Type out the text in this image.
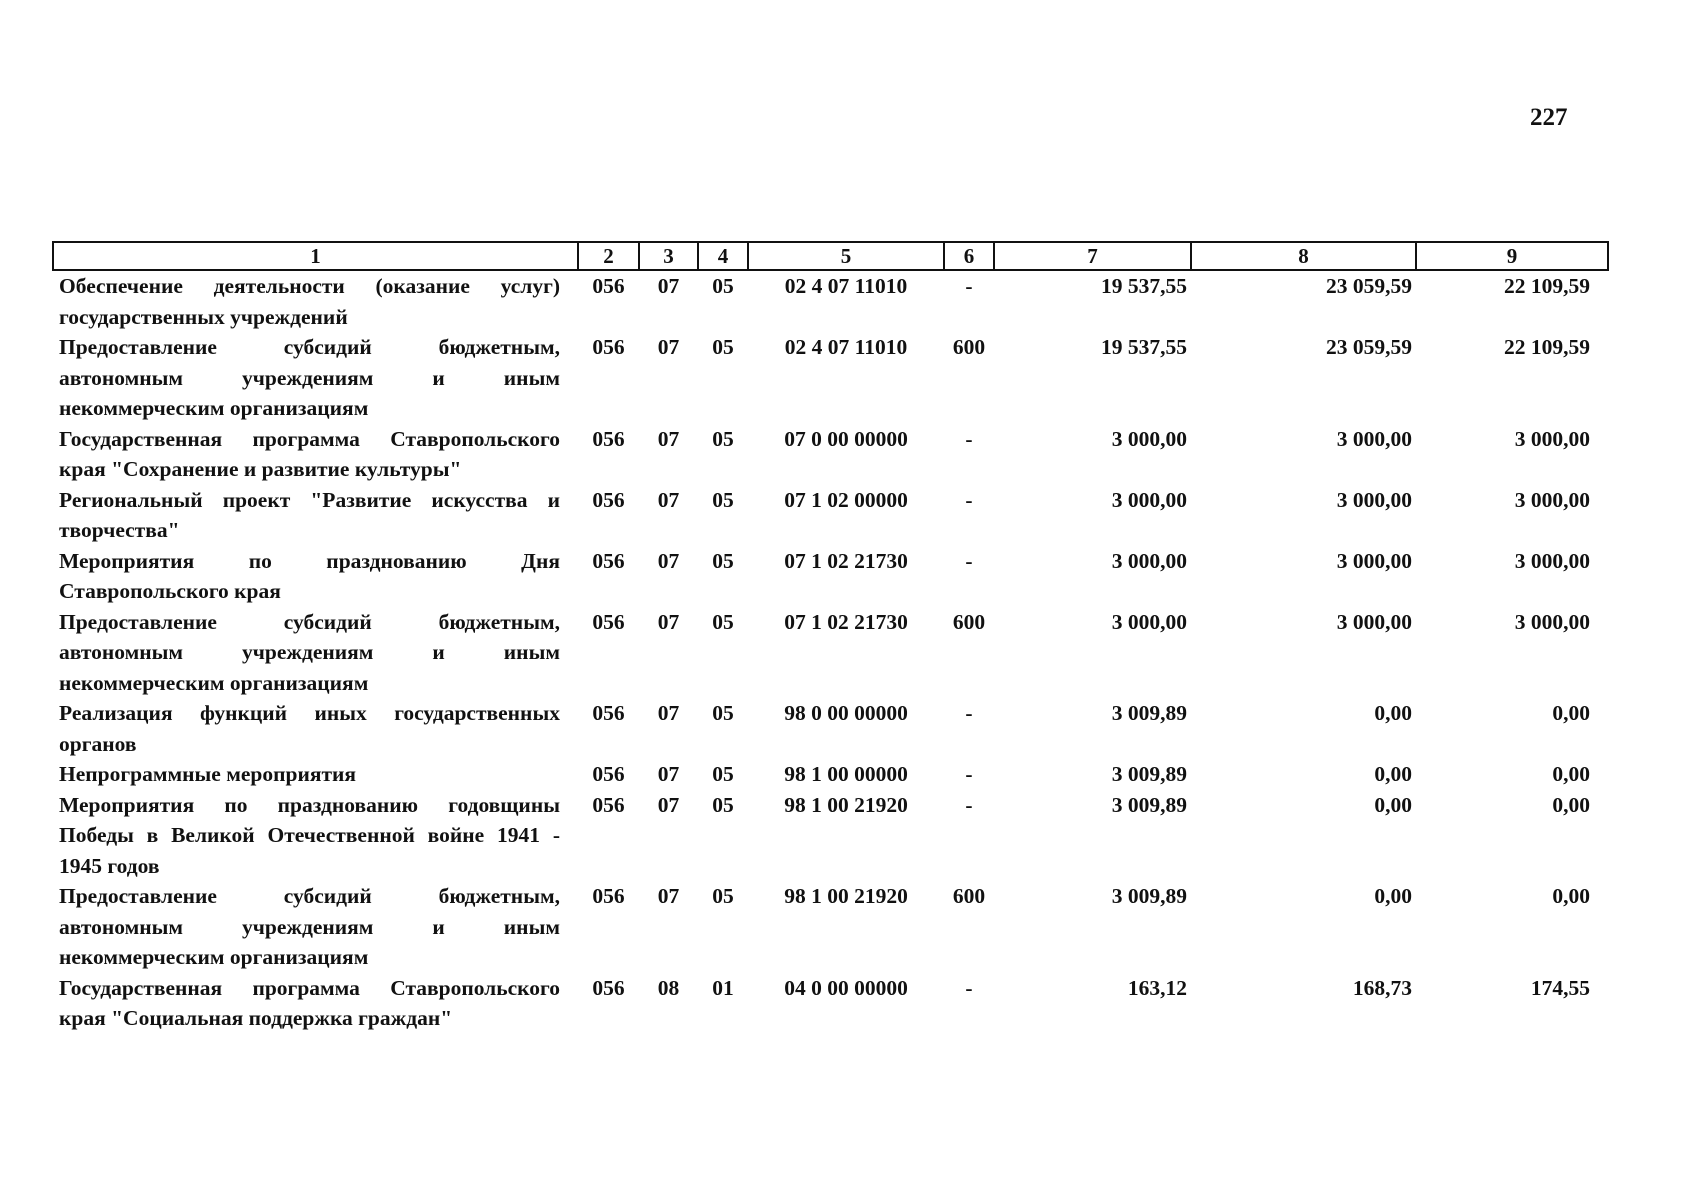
227
1	2	3	4	5	6	7	8	9
Обеспечение деятельности (оказание услуг) государственных учреждений	056	07	05	02 4 07 11010	-	19 537,55	23 059,59	22 109,59
Предоставление субсидий бюджетным, автономным учреждениям и иным некоммерческим организациям	056	07	05	02 4 07 11010	600	19 537,55	23 059,59	22 109,59
Государственная программа Ставропольского края "Сохранение и развитие культуры"	056	07	05	07 0 00 00000	-	3 000,00	3 000,00	3 000,00
Региональный проект "Развитие искусства и творчества"	056	07	05	07 1 02 00000	-	3 000,00	3 000,00	3 000,00
Мероприятия по празднованию Дня Ставропольского края	056	07	05	07 1 02 21730	-	3 000,00	3 000,00	3 000,00
Предоставление субсидий бюджетным, автономным учреждениям и иным некоммерческим организациям	056	07	05	07 1 02 21730	600	3 000,00	3 000,00	3 000,00
Реализация функций иных государственных органов	056	07	05	98 0 00 00000	-	3 009,89	0,00	0,00
Непрограммные мероприятия	056	07	05	98 1 00 00000	-	3 009,89	0,00	0,00
Мероприятия по празднованию годовщины Победы в Великой Отечественной войне 1941 - 1945 годов	056	07	05	98 1 00 21920	-	3 009,89	0,00	0,00
Предоставление субсидий бюджетным, автономным учреждениям и иным некоммерческим организациям	056	07	05	98 1 00 21920	600	3 009,89	0,00	0,00
Государственная программа Ставропольского края "Социальная поддержка граждан"	056	08	01	04 0 00 00000	-	163,12	168,73	174,55
